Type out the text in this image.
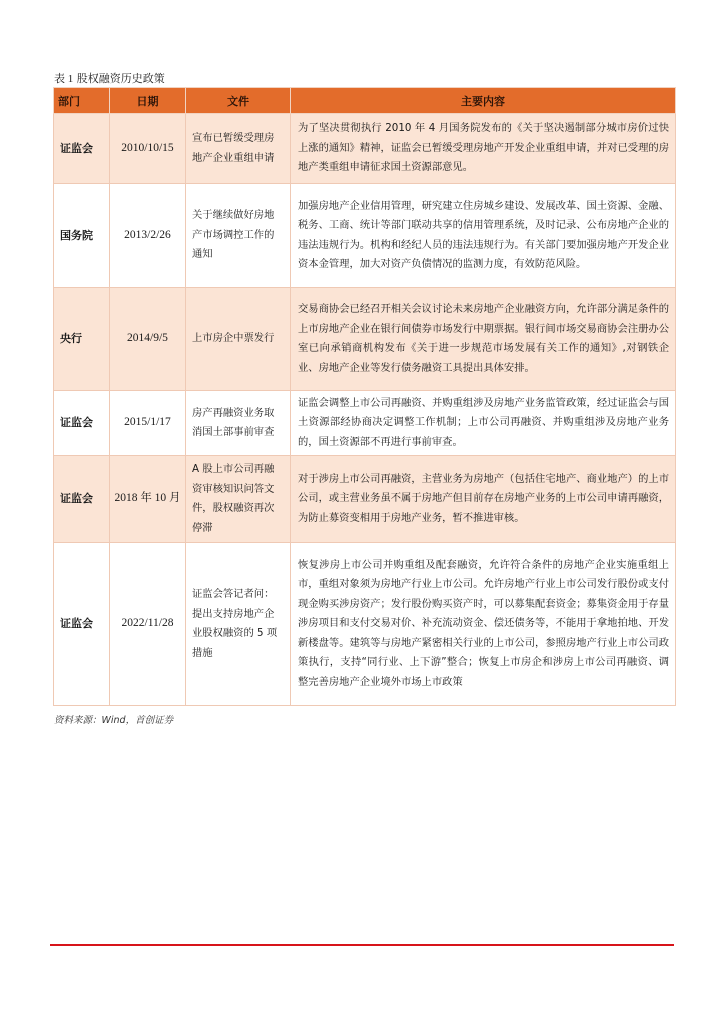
表 1 股权融资历史政策
部门	日期	文件	主要内容
证监会	2010/10/15	宣布已暂缓受理房地产企业重组申请	为了坚决贯彻执行 2010 年 4 月国务院发布的《关于坚决遏制部分城市房价过快上涨的通知》精神，证监会已暂缓受理房地产开发企业重组申请，并对已受理的房地产类重组申请征求国土资源部意见。
国务院	2013/2/26	关于继续做好房地产市场调控工作的通知	加强房地产企业信用管理，研究建立住房城乡建设、发展改革、国土资源、金融、税务、工商、统计等部门联动共享的信用管理系统，及时记录、公布房地产企业的违法违规行为。机构和经纪人员的违法违规行为。有关部门要加强房地产开发企业资本金管理，加大对资产负债情况的监测力度，有效防范风险。
央行	2014/9/5	上市房企中票发行	交易商协会已经召开相关会议讨论未来房地产企业融资方向，允许部分满足条件的上市房地产企业在银行间债券市场发行中期票据。银行间市场交易商协会注册办公室已向承销商机构发布《关于进一步规范市场发展有关工作的通知》,对钢铁企业、房地产企业等发行债务融资工具提出具体安排。
证监会	2015/1/17	房产再融资业务取消国土部事前审查	证监会调整上市公司再融资、并购重组涉及房地产业务监管政策，经过证监会与国土资源部经协商决定调整工作机制；上市公司再融资、并购重组涉及房地产业务的，国土资源部不再进行事前审查。
证监会	2018 年 10 月	A 股上市公司再融资审核知识问答文件，股权融资再次停滞	对于涉房上市公司再融资，主营业务为房地产（包括住宅地产、商业地产）的上市公司，或主营业务虽不属于房地产但目前存在房地产业务的上市公司申请再融资，为防止募资变相用于房地产业务，暂不推进审核。
证监会	2022/11/28	证监会答记者问：提出支持房地产企业股权融资的 5 项措施	恢复涉房上市公司并购重组及配套融资，允许符合条件的房地产企业实施重组上市，重组对象须为房地产行业上市公司。允许房地产行业上市公司发行股份或支付现金购买涉房资产；发行股份购买资产时，可以募集配套资金；募集资金用于存量涉房项目和支付交易对价、补充流动资金、偿还债务等，不能用于拿地拍地、开发新楼盘等。建筑等与房地产紧密相关行业的上市公司，参照房地产行业上市公司政策执行，支持“同行业、上下游”整合；恢复上市房企和涉房上市公司再融资、调整完善房地产企业境外市场上市政策
资料来源：Wind，首创证券
